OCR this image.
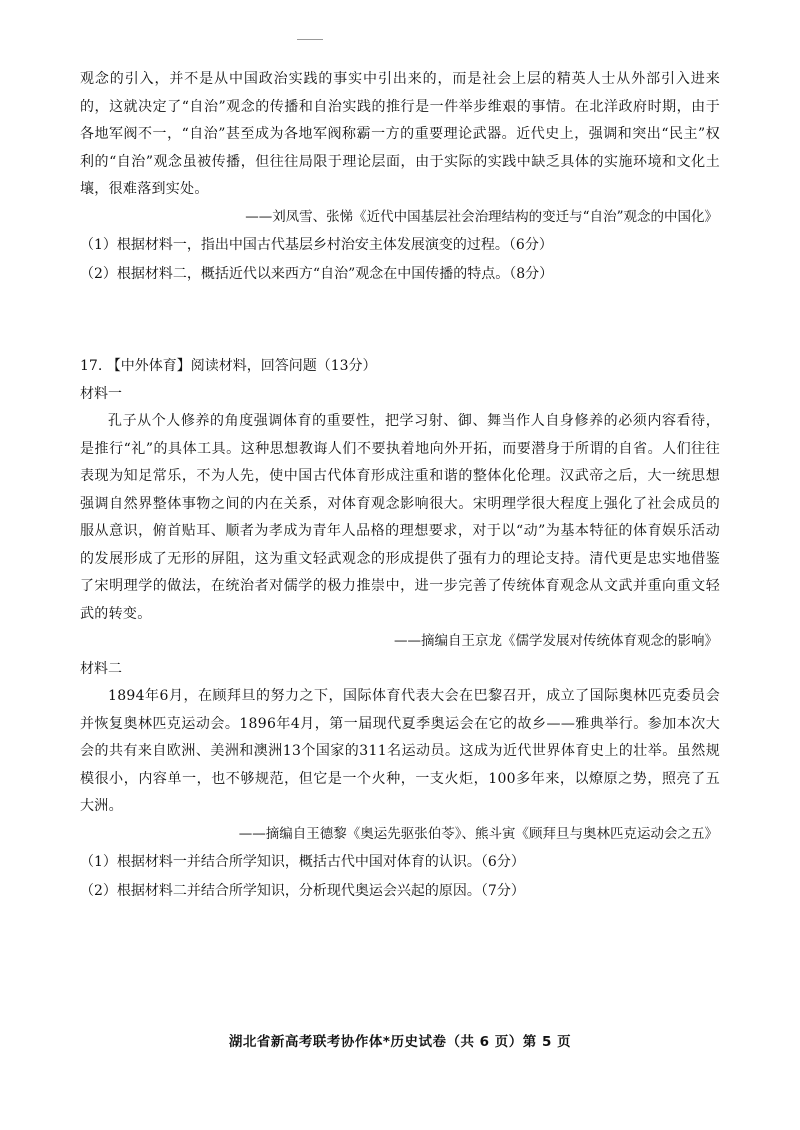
观念的引入，并不是从中国政治实践的事实中引出来的，而是社会上层的精英人士从外部引入进来的，这就决定了“自治”观念的传播和自治实践的推行是一件举步维艰的事情。在北洋政府时期，由于各地军阀不一，“自治”甚至成为各地军阀称霸一方的重要理论武器。近代史上，强调和突出“民主”权利的“自治”观念虽被传播，但往往局限于理论层面，由于实际的实践中缺乏具体的实施环境和文化土壤，很难落到实处。

——刘凤雪、张悌《近代中国基层社会治理结构的变迁与“自治”观念的中国化》

（1）根据材料一，指出中国古代基层乡村治安主体发展演变的过程。（6分）

（2）根据材料二，概括近代以来西方“自治”观念在中国传播的特点。（8分）

17. 【中外体育】阅读材料，回答问题（13分）

材料一

孔子从个人修养的角度强调体育的重要性，把学习射、御、舞当作人自身修养的必须内容看待，是推行“礼”的具体工具。这种思想教诲人们不要执着地向外开拓，而要潜身于所谓的自省。人们往往表现为知足常乐，不为人先，使中国古代体育形成注重和谐的整体化伦理。汉武帝之后，大一统思想强调自然界整体事物之间的内在关系，对体育观念影响很大。宋明理学很大程度上强化了社会成员的服从意识，俯首贴耳、顺者为孝成为青年人品格的理想要求，对于以“动”为基本特征的体育娱乐活动的发展形成了无形的屏阻，这为重文轻武观念的形成提供了强有力的理论支持。清代更是忠实地借鉴了宋明理学的做法，在统治者对儒学的极力推崇中，进一步完善了传统体育观念从文武并重向重文轻武的转变。

——摘编自王京龙《儒学发展对传统体育观念的影响》

材料二

1894年6月，在顾拜旦的努力之下，国际体育代表大会在巴黎召开，成立了国际奥林匹克委员会并恢复奥林匹克运动会。1896年4月，第一届现代夏季奥运会在它的故乡——雅典举行。参加本次大会的共有来自欧洲、美洲和澳洲13个国家的311名运动员。这成为近代世界体育史上的壮举。虽然规模很小，内容单一，也不够规范，但它是一个火种，一支火炬，100多年来，以燎原之势，照亮了五大洲。

——摘编自王德黎《奥运先驱张伯苓》、熊斗寅《顾拜旦与奥林匹克运动会之五》

（1）根据材料一并结合所学知识，概括古代中国对体育的认识。（6分）

（2）根据材料二并结合所学知识，分析现代奥运会兴起的原因。（7分）

湖北省新高考联考协作体*历史试卷（共 6 页）第 5 页
